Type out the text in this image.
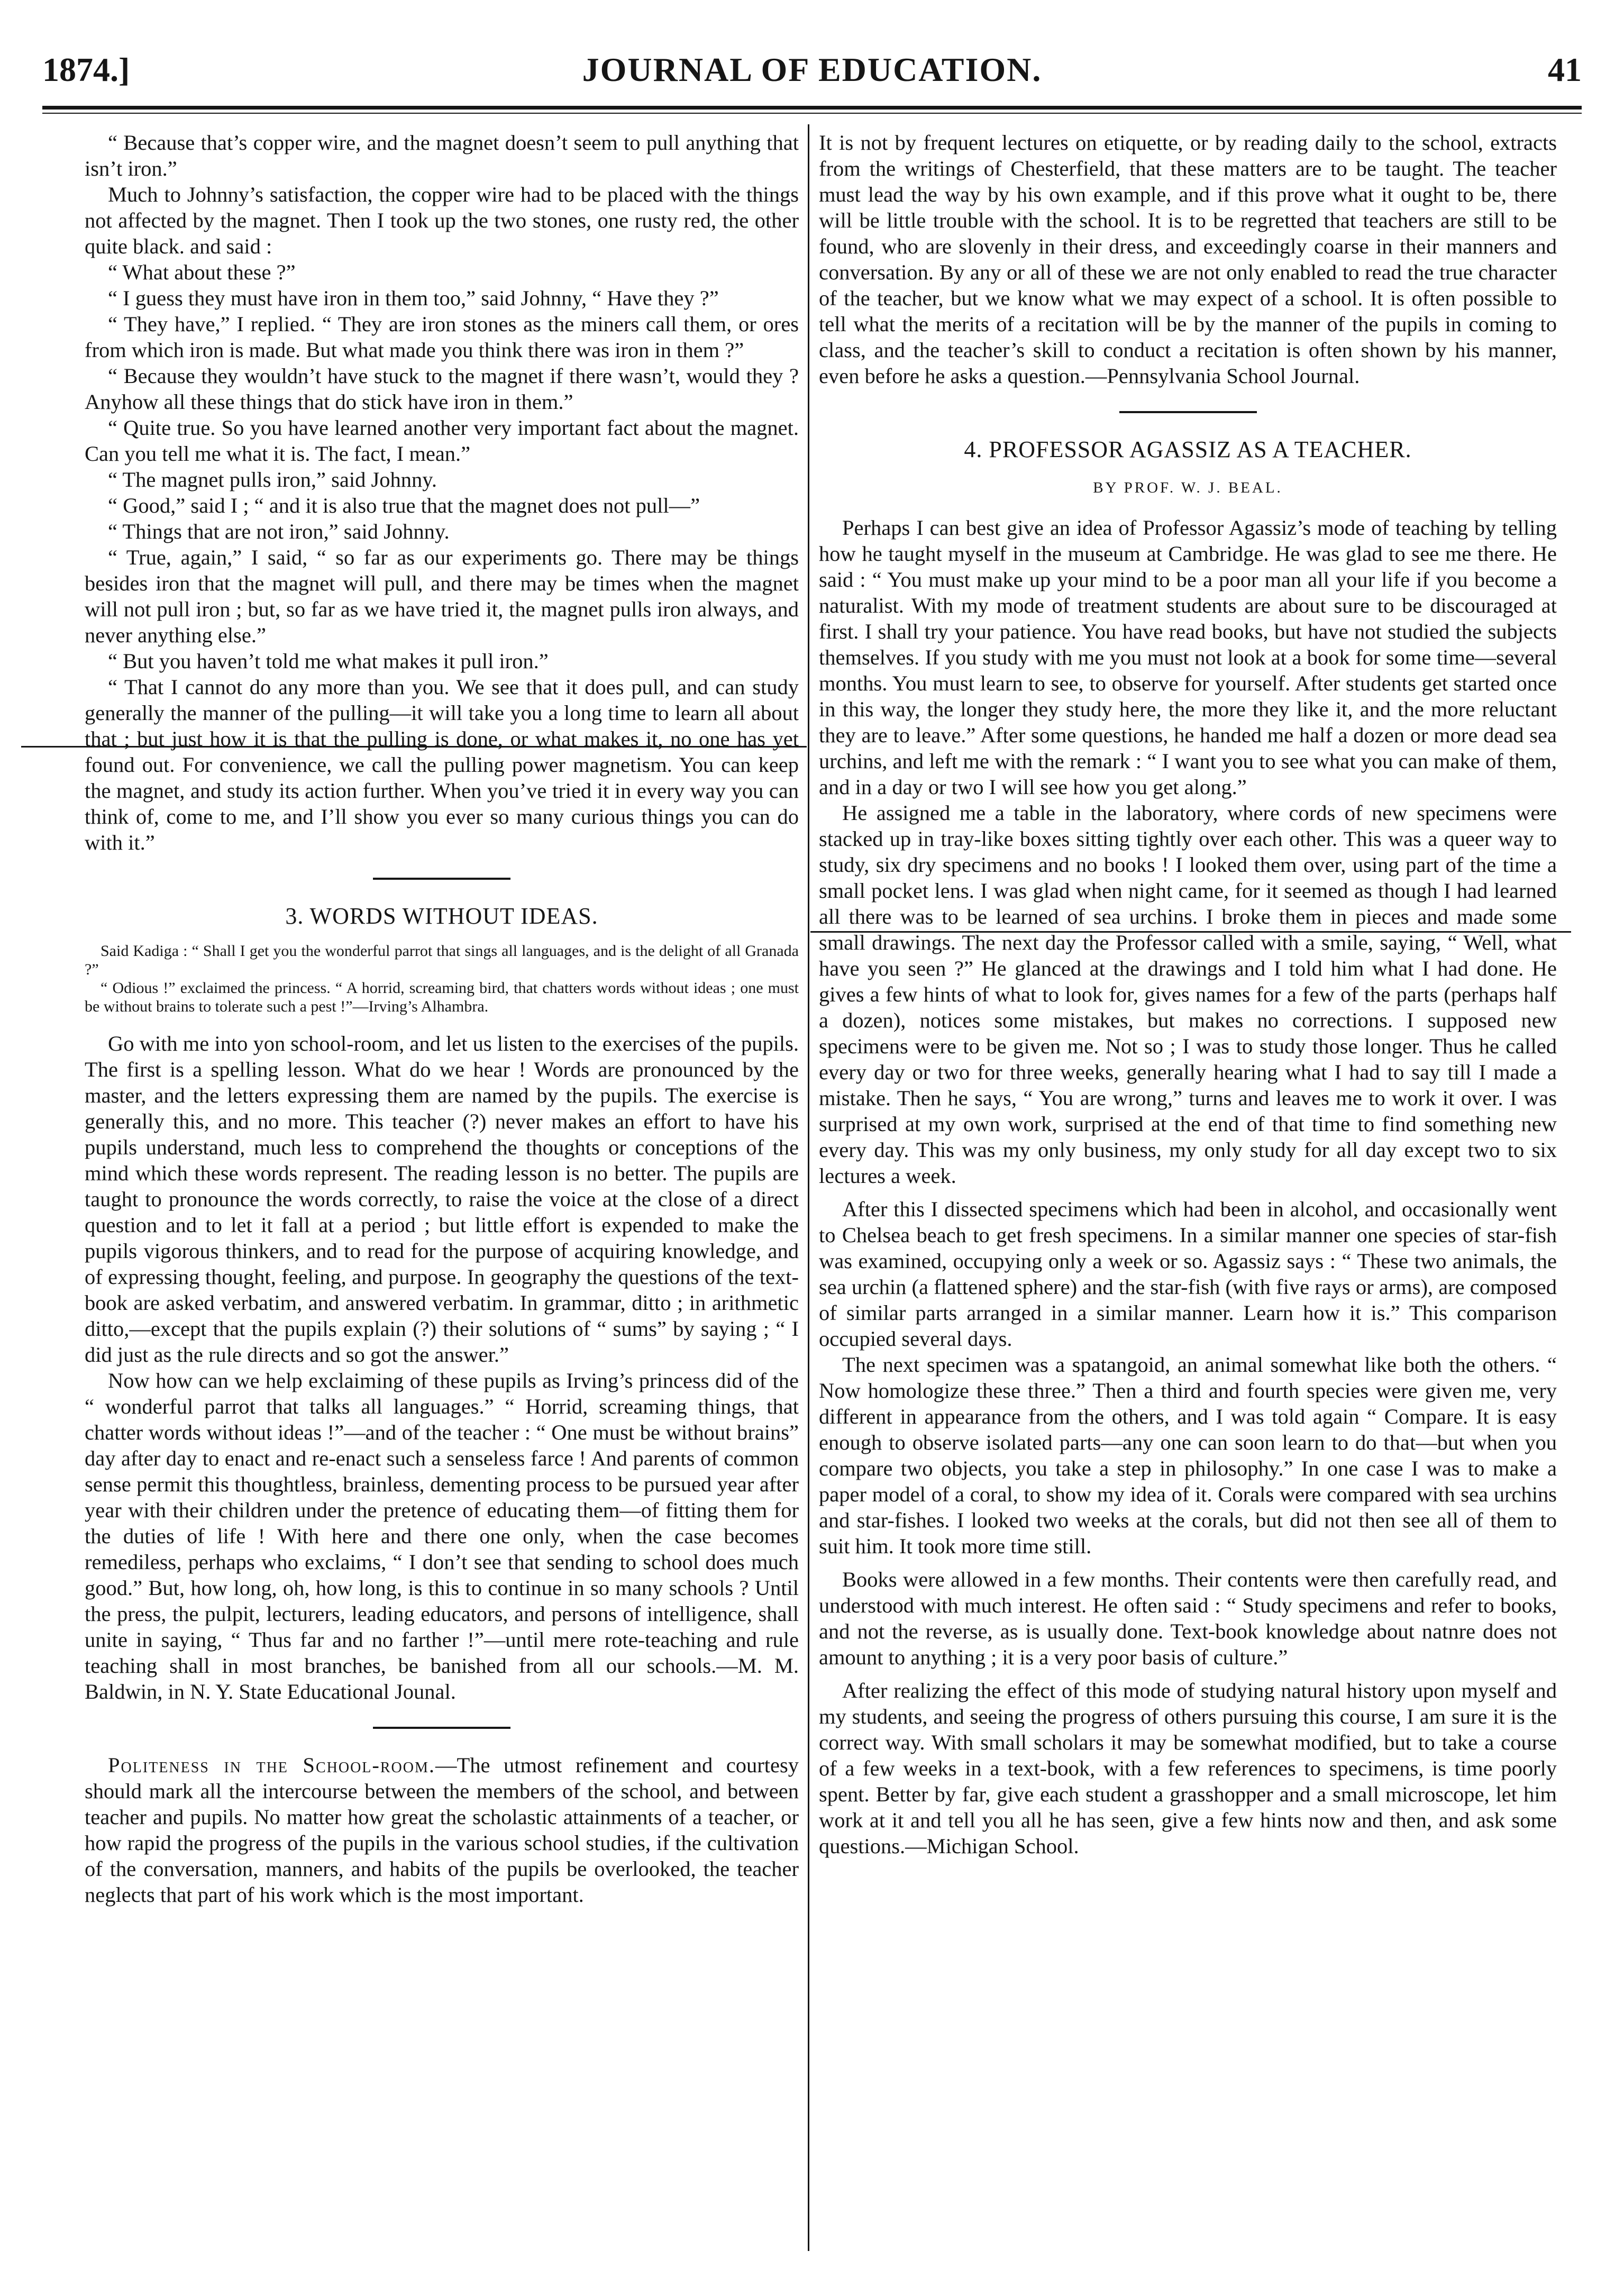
JOURNAL OF EDUCATION.
1874.]	41

“ Because that’s copper wire, and the magnet doesn’t seem to pull anything that isn’t iron.”

Much to Johnny’s satisfaction, the copper wire had to be placed with the things not affected by the magnet. Then I took up the two stones, one rusty red, the other quite black. and said :

“ What about these ?”

“ I guess they must have iron in them too,” said Johnny, “ Have they ?”

“ They have,” I replied. “ They are iron stones as the miners call them, or ores from which iron is made. But what made you think there was iron in them ?”

“ Because they wouldn’t have stuck to the magnet if there wasn’t, would they ? Anyhow all these things that do stick have iron in them.”

“ Quite true. So you have learned another very important fact about the magnet. Can you tell me what it is. The fact, I mean.”

“ The magnet pulls iron,” said Johnny.

“ Good,” said I ; “ and it is also true that the magnet does not pull—”

“ Things that are not iron,” said Johnny.

“ True, again,” I said, “ so far as our experiments go. There may be things besides iron that the magnet will pull, and there may be times when the magnet will not pull iron ; but, so far as we have tried it, the magnet pulls iron always, and never anything else.”

“ But you haven’t told me what makes it pull iron.”

“ That I cannot do any more than you. We see that it does pull, and can study generally the manner of the pulling—it will take you a long time to learn all about that ; but just how it is that the pulling is done, or what makes it, no one has yet found out. For convenience, we call the pulling power magnetism. You can keep the magnet, and study its action further. When you’ve tried it in every way you can think of, come to me, and I’ll show you ever so many curious things you can do with it.”

3. WORDS WITHOUT IDEAS.

Said Kadiga : “ Shall I get you the wonderful parrot that sings all languages, and is the delight of all Granada ?”

“ Odious !” exclaimed the princess. “ A horrid, screaming bird, that chatters words without ideas ; one must be without brains to tolerate such a pest !”—Irving’s Alhambra.

Go with me into yon school-room, and let us listen to the exercises of the pupils. The first is a spelling lesson. What do we hear ! Words are pronounced by the master, and the letters expressing them are named by the pupils. The exercise is generally this, and no more. This teacher (?) never makes an effort to have his pupils understand, much less to comprehend the thoughts or conceptions of the mind which these words represent. The reading lesson is no better. The pupils are taught to pronounce the words correctly, to raise the voice at the close of a direct question and to let it fall at a period ; but little effort is expended to make the pupils vigorous thinkers, and to read for the purpose of acquiring knowledge, and of expressing thought, feeling, and purpose. In geography the questions of the text-book are asked verbatim, and answered verbatim. In grammar, ditto ; in arithmetic ditto,—except that the pupils explain (?) their solutions of “ sums” by saying ; “ I did just as the rule directs and so got the answer.”

Now how can we help exclaiming of these pupils as Irving’s princess did of the “ wonderful parrot that talks all languages.” “ Horrid, screaming things, that chatter words without ideas !”—and of the teacher : “ One must be without brains” day after day to enact and re-enact such a senseless farce ! And parents of common sense permit this thoughtless, brainless, dementing process to be pursued year after year with their children under the pretence of educating them—of fitting them for the duties of life ! With here and there one only, when the case becomes remediless, perhaps who exclaims, “ I don’t see that sending to school does much good.” But, how long, oh, how long, is this to continue in so many schools ? Until the press, the pulpit, lecturers, leading educators, and persons of intelligence, shall unite in saying, “ Thus far and no farther !”—until mere rote-teaching and rule teaching shall in most branches, be banished from all our schools.—M. M. Baldwin, in N. Y. State Educational Jounal.

Politeness in the School-room.—The utmost refinement and courtesy should mark all the intercourse between the members of the school, and between teacher and pupils. No matter how great the scholastic attainments of a teacher, or how rapid the progress of the pupils in the various school studies, if the cultivation of the conversation, manners, and habits of the pupils be overlooked, the teacher neglects that part of his work which is the most important.

It is not by frequent lectures on etiquette, or by reading daily to the school, extracts from the writings of Chesterfield, that these matters are to be taught. The teacher must lead the way by his own example, and if this prove what it ought to be, there will be little trouble with the school. It is to be regretted that teachers are still to be found, who are slovenly in their dress, and exceedingly coarse in their manners and conversation. By any or all of these we are not only enabled to read the true character of the teacher, but we know what we may expect of a school. It is often possible to tell what the merits of a recitation will be by the manner of the pupils in coming to class, and the teacher’s skill to conduct a recitation is often shown by his manner, even before he asks a question.—Pennsylvania School Journal.

4. PROFESSOR AGASSIZ AS A TEACHER.
BY PROF. W. J. BEAL.

Perhaps I can best give an idea of Professor Agassiz’s mode of teaching by telling how he taught myself in the museum at Cambridge. He was glad to see me there. He said : “ You must make up your mind to be a poor man all your life if you become a naturalist. With my mode of treatment students are about sure to be discouraged at first. I shall try your patience. You have read books, but have not studied the subjects themselves. If you study with me you must not look at a book for some time—several months. You must learn to see, to observe for yourself. After students get started once in this way, the longer they study here, the more they like it, and the more reluctant they are to leave.” After some questions, he handed me half a dozen or more dead sea urchins, and left me with the remark : “ I want you to see what you can make of them, and in a day or two I will see how you get along.”

He assigned me a table in the laboratory, where cords of new specimens were stacked up in tray-like boxes sitting tightly over each other. This was a queer way to study, six dry specimens and no books ! I looked them over, using part of the time a small pocket lens. I was glad when night came, for it seemed as though I had learned all there was to be learned of sea urchins. I broke them in pieces and made some small drawings. The next day the Professor called with a smile, saying, “ Well, what have you seen ?” He glanced at the drawings and I told him what I had done. He gives a few hints of what to look for, gives names for a few of the parts (perhaps half a dozen), notices some mistakes, but makes no corrections. I supposed new specimens were to be given me. Not so ; I was to study those longer. Thus he called every day or two for three weeks, generally hearing what I had to say till I made a mistake. Then he says, “ You are wrong,” turns and leaves me to work it over. I was surprised at my own work, surprised at the end of that time to find something new every day. This was my only business, my only study for all day except two to six lectures a week.

After this I dissected specimens which had been in alcohol, and occasionally went to Chelsea beach to get fresh specimens. In a similar manner one species of star-fish was examined, occupying only a week or so. Agassiz says : “ These two animals, the sea urchin (a flattened sphere) and the star-fish (with five rays or arms), are composed of similar parts arranged in a similar manner. Learn how it is.” This comparison occupied several days.

The next specimen was a spatangoid, an animal somewhat like both the others. “ Now homologize these three.” Then a third and fourth species were given me, very different in appearance from the others, and I was told again “ Compare. It is easy enough to observe isolated parts—any one can soon learn to do that—but when you compare two objects, you take a step in philosophy.” In one case I was to make a paper model of a coral, to show my idea of it. Corals were compared with sea urchins and star-fishes. I looked two weeks at the corals, but did not then see all of them to suit him. It took more time still.

Books were allowed in a few months. Their contents were then carefully read, and understood with much interest. He often said : “ Study specimens and refer to books, and not the reverse, as is usually done. Text-book knowledge about natnre does not amount to anything ; it is a very poor basis of culture.”

After realizing the effect of this mode of studying natural history upon myself and my students, and seeing the progress of others pursuing this course, I am sure it is the correct way. With small scholars it may be somewhat modified, but to take a course of a few weeks in a text-book, with a few references to specimens, is time poorly spent. Better by far, give each student a grasshopper and a small microscope, let him work at it and tell you all he has seen, give a few hints now and then, and ask some questions.—Michigan School.
